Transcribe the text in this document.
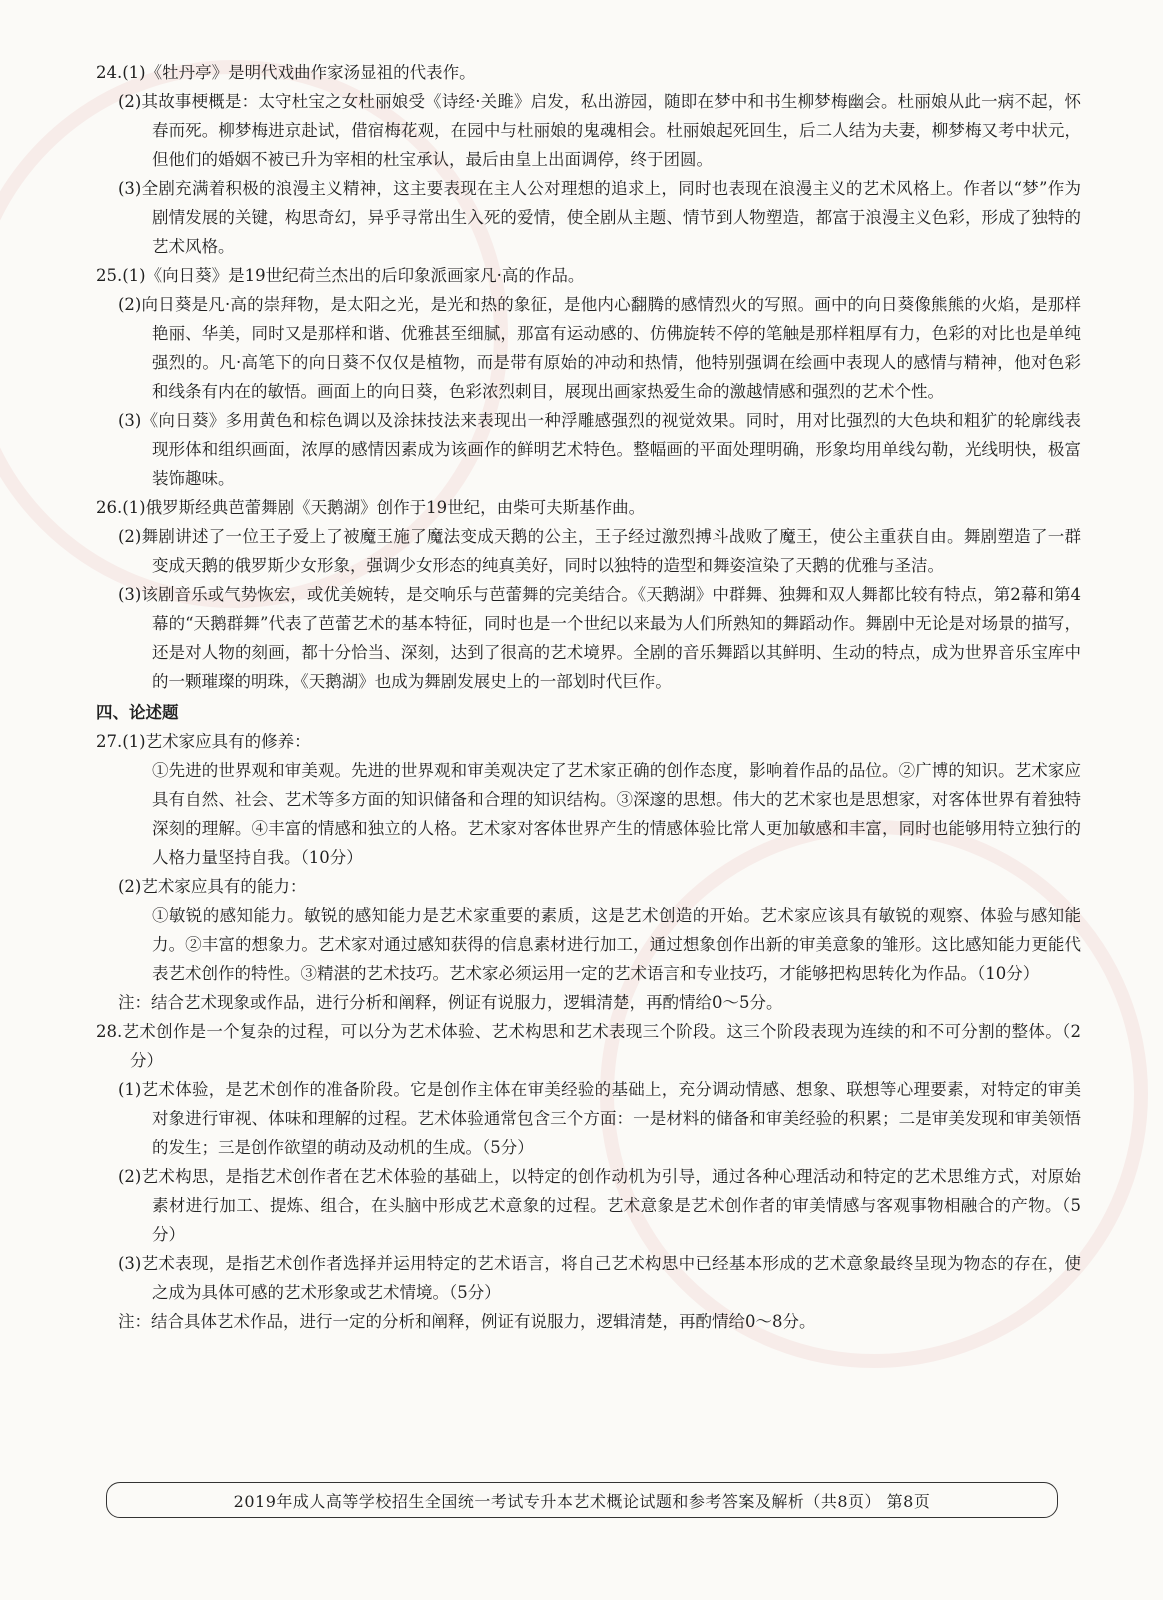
24.(1)《牡丹亭》是明代戏曲作家汤显祖的代表作。

(2)其故事梗概是：太守杜宝之女杜丽娘受《诗经·关雎》启发，私出游园，随即在梦中和书生柳梦梅幽会。杜丽娘从此一病不起，怀春而死。柳梦梅进京赴试，借宿梅花观，在园中与杜丽娘的鬼魂相会。杜丽娘起死回生，后二人结为夫妻，柳梦梅又考中状元，但他们的婚姻不被已升为宰相的杜宝承认，最后由皇上出面调停，终于团圆。

(3)全剧充满着积极的浪漫主义精神，这主要表现在主人公对理想的追求上，同时也表现在浪漫主义的艺术风格上。作者以“梦”作为剧情发展的关键，构思奇幻，异乎寻常出生入死的爱情，使全剧从主题、情节到人物塑造，都富于浪漫主义色彩，形成了独特的艺术风格。

25.(1)《向日葵》是19世纪荷兰杰出的后印象派画家凡·高的作品。

(2)向日葵是凡·高的崇拜物，是太阳之光，是光和热的象征，是他内心翻腾的感情烈火的写照。画中的向日葵像熊熊的火焰，是那样艳丽、华美，同时又是那样和谐、优雅甚至细腻，那富有运动感的、仿佛旋转不停的笔触是那样粗厚有力，色彩的对比也是单纯强烈的。凡·高笔下的向日葵不仅仅是植物，而是带有原始的冲动和热情，他特别强调在绘画中表现人的感情与精神，他对色彩和线条有内在的敏悟。画面上的向日葵，色彩浓烈刺目，展现出画家热爱生命的激越情感和强烈的艺术个性。

(3)《向日葵》多用黄色和棕色调以及涂抹技法来表现出一种浮雕感强烈的视觉效果。同时，用对比强烈的大色块和粗犷的轮廓线表现形体和组织画面，浓厚的感情因素成为该画作的鲜明艺术特色。整幅画的平面处理明确，形象均用单线勾勒，光线明快，极富装饰趣味。

26.(1)俄罗斯经典芭蕾舞剧《天鹅湖》创作于19世纪，由柴可夫斯基作曲。

(2)舞剧讲述了一位王子爱上了被魔王施了魔法变成天鹅的公主，王子经过激烈搏斗战败了魔王，使公主重获自由。舞剧塑造了一群变成天鹅的俄罗斯少女形象，强调少女形态的纯真美好，同时以独特的造型和舞姿渲染了天鹅的优雅与圣洁。

(3)该剧音乐或气势恢宏，或优美婉转，是交响乐与芭蕾舞的完美结合。《天鹅湖》中群舞、独舞和双人舞都比较有特点，第2幕和第4幕的“天鹅群舞”代表了芭蕾艺术的基本特征，同时也是一个世纪以来最为人们所熟知的舞蹈动作。舞剧中无论是对场景的描写，还是对人物的刻画，都十分恰当、深刻，达到了很高的艺术境界。全剧的音乐舞蹈以其鲜明、生动的特点，成为世界音乐宝库中的一颗璀璨的明珠，《天鹅湖》也成为舞剧发展史上的一部划时代巨作。

四、论述题

27.(1)艺术家应具有的修养：

①先进的世界观和审美观。先进的世界观和审美观决定了艺术家正确的创作态度，影响着作品的品位。②广博的知识。艺术家应具有自然、社会、艺术等多方面的知识储备和合理的知识结构。③深邃的思想。伟大的艺术家也是思想家，对客体世界有着独特深刻的理解。④丰富的情感和独立的人格。艺术家对客体世界产生的情感体验比常人更加敏感和丰富，同时也能够用特立独行的人格力量坚持自我。（10分）

(2)艺术家应具有的能力：

①敏锐的感知能力。敏锐的感知能力是艺术家重要的素质，这是艺术创造的开始。艺术家应该具有敏锐的观察、体验与感知能力。②丰富的想象力。艺术家对通过感知获得的信息素材进行加工，通过想象创作出新的审美意象的雏形。这比感知能力更能代表艺术创作的特性。③精湛的艺术技巧。艺术家必须运用一定的艺术语言和专业技巧，才能够把构思转化为作品。（10分）

注：结合艺术现象或作品，进行分析和阐释，例证有说服力，逻辑清楚，再酌情给0～5分。

28.艺术创作是一个复杂的过程，可以分为艺术体验、艺术构思和艺术表现三个阶段。这三个阶段表现为连续的和不可分割的整体。（2分）

(1)艺术体验，是艺术创作的准备阶段。它是创作主体在审美经验的基础上，充分调动情感、想象、联想等心理要素，对特定的审美对象进行审视、体味和理解的过程。艺术体验通常包含三个方面：一是材料的储备和审美经验的积累；二是审美发现和审美领悟的发生；三是创作欲望的萌动及动机的生成。（5分）

(2)艺术构思，是指艺术创作者在艺术体验的基础上，以特定的创作动机为引导，通过各种心理活动和特定的艺术思维方式，对原始素材进行加工、提炼、组合，在头脑中形成艺术意象的过程。艺术意象是艺术创作者的审美情感与客观事物相融合的产物。（5分）

(3)艺术表现，是指艺术创作者选择并运用特定的艺术语言，将自己艺术构思中已经基本形成的艺术意象最终呈现为物态的存在，使之成为具体可感的艺术形象或艺术情境。（5分）

注：结合具体艺术作品，进行一定的分析和阐释，例证有说服力，逻辑清楚，再酌情给0～8分。

2019年成人高等学校招生全国统一考试专升本艺术概论试题和参考答案及解析（共8页） 第8页
